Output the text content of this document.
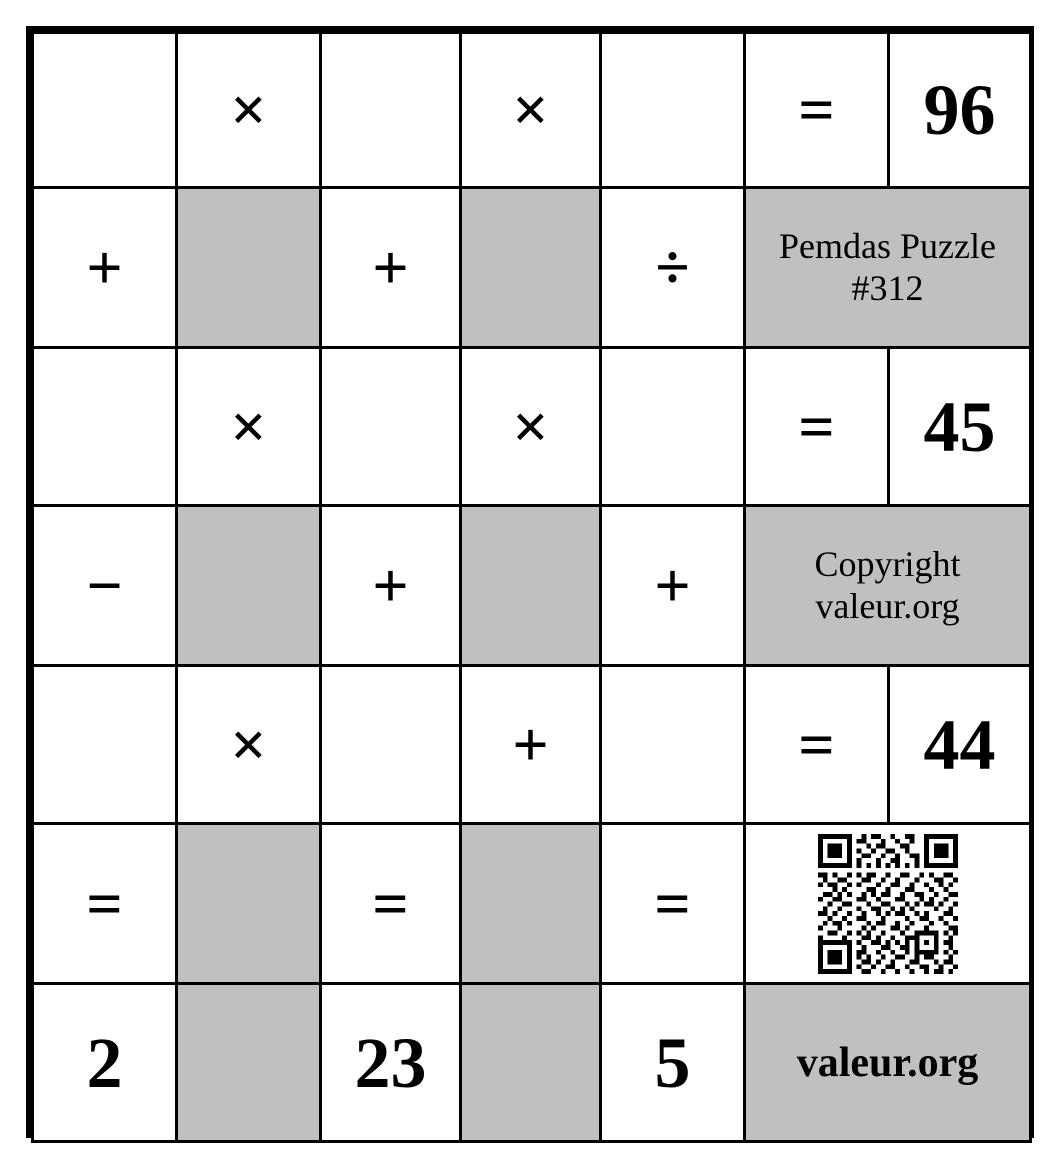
	×		×		=	96
+		+		÷	Pemdas Puzzle #312	
	×		×		=	45
−		+		+	Copyright
valeur.org	

	×		+		=	44
=		=		=	

2		23		5	valeur.org	
